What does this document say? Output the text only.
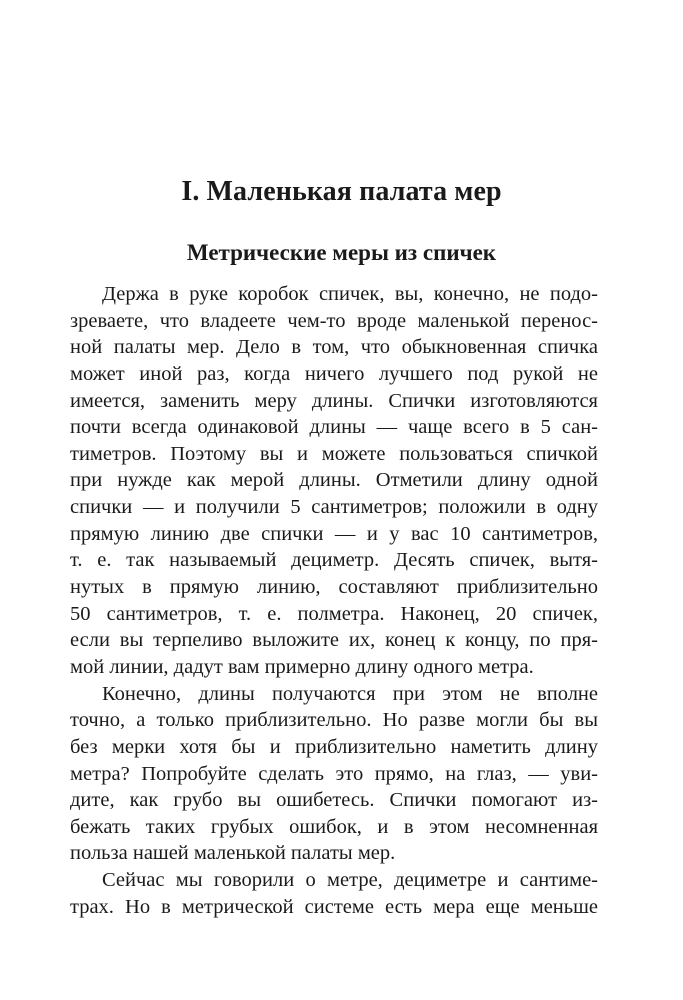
I. Маленькая палата мер
Метрические меры из спичек
Держа в руке коробок спичек, вы, конечно, не подо-
зреваете, что владеете чем-то вроде маленькой перенос-
ной палаты мер. Дело в том, что обыкновенная спичка
может иной раз, когда ничего лучшего под рукой не
имеется, заменить меру длины. Спички изготовляются
почти всегда одинаковой длины — чаще всего в 5 сан-
тиметров. Поэтому вы и можете пользоваться спичкой
при нужде как мерой длины. Отметили длину одной
спички — и получили 5 сантиметров; положили в одну
прямую линию две спички — и у вас 10 сантиметров,
т. е. так называемый дециметр. Десять спичек, вытя-
нутых в прямую линию, составляют приблизительно
50 сантиметров, т. е. полметра. Наконец, 20 спичек,
если вы терпеливо выложите их, конец к концу, по пря-
мой линии, дадут вам примерно длину одного метра.
Конечно, длины получаются при этом не вполне
точно, а только приблизительно. Но разве могли бы вы
без мерки хотя бы и приблизительно наметить длину
метра? Попробуйте сделать это прямо, на глаз, — уви-
дите, как грубо вы ошибетесь. Спички помогают из-
бежать таких грубых ошибок, и в этом несомненная
польза нашей маленькой палаты мер.
Сейчас мы говорили о метре, дециметре и сантиме-
трах. Но в метрической системе есть мера еще меньше
